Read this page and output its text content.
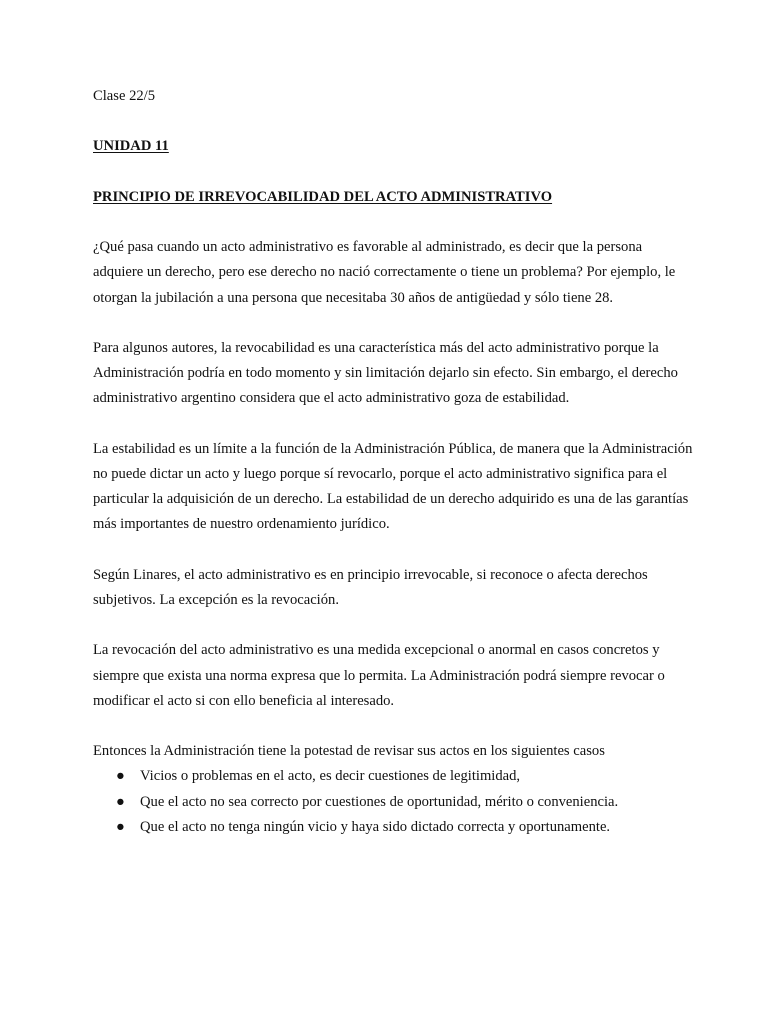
Clase 22/5

UNIDAD 11

PRINCIPIO DE IRREVOCABILIDAD DEL ACTO ADMINISTRATIVO

¿Qué pasa cuando un acto administrativo es favorable al administrado, es decir que la persona adquiere un derecho, pero ese derecho no nació correctamente o tiene un problema? Por ejemplo, le otorgan la jubilación a una persona que necesitaba 30 años de antigüedad y sólo tiene 28.

Para algunos autores, la revocabilidad es una característica más del acto administrativo porque la Administración podría en todo momento y sin limitación dejarlo sin efecto. Sin embargo, el derecho administrativo argentino considera que el acto administrativo goza de estabilidad.

La estabilidad es un límite a la función de la Administración Pública, de manera que la Administración no puede dictar un acto y luego porque sí revocarlo, porque el acto administrativo significa para el particular la adquisición de un derecho. La estabilidad de un derecho adquirido es una de las garantías más importantes de nuestro ordenamiento jurídico.

Según Linares, el acto administrativo es en principio irrevocable, si reconoce o afecta derechos subjetivos. La excepción es la revocación.

La revocación del acto administrativo es una medida excepcional o anormal en casos concretos y siempre que exista una norma expresa que lo permita. La Administración podrá siempre revocar o modificar el acto si con ello beneficia al interesado.

Entonces la Administración tiene la potestad de revisar sus actos en los siguientes casos

● Vicios o problemas en el acto, es decir cuestiones de legitimidad,
● Que el acto no sea correcto por cuestiones de oportunidad, mérito o conveniencia.
● Que el acto no tenga ningún vicio y haya sido dictado correcta y oportunamente.
